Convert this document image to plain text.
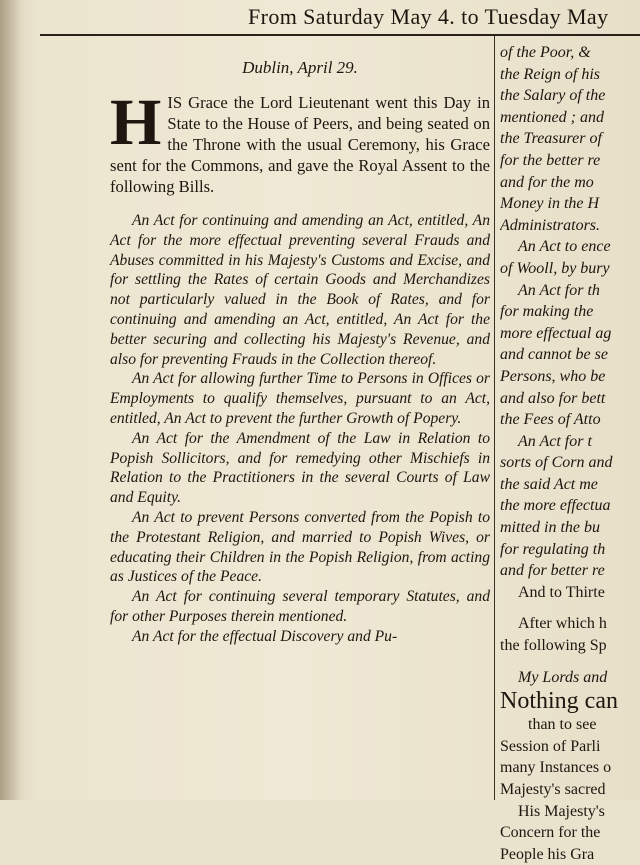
From Saturday May 4. to Tuesday May
Dublin, April 29.

HIS Grace the Lord Lieutenant went this Day in State to the House of Peers, and being seated on the Throne with the usual Ceremony, his Grace sent for the Commons, and gave the Royal Assent to the following Bills.

An Act for continuing and amending an Act, entitled, An Act for the more effectual preventing several Frauds and Abuses committed in his Majesty's Customs and Excise, and for settling the Rates of certain Goods and Merchandizes not particularly valued in the Book of Rates, and for continuing and amending an Act, entitled, An Act for the better securing and collecting his Majesty's Revenue, and also for preventing Frauds in the Collection thereof.

An Act for allowing further Time to Persons in Offices or Employments to qualify themselves, pursuant to an Act, entitled, An Act to prevent the further Growth of Popery.

An Act for the Amendment of the Law in Relation to Popish Sollicitors, and for remedying other Mischiefs in Relation to the Practitioners in the several Courts of Law and Equity.

An Act to prevent Persons converted from the Popish to the Protestant Religion, and married to Popish Wives, or educating their Children in the Popish Religion, from acting as Justices of the Peace.

An Act for continuing several temporary Statutes, and for other Purposes therein mentioned.

An Act for the effectual Discovery and Pu-

of the Poor, &
the Reign of his
the Salary of the
mentioned ; and
the Treasurer of
for the better re
and for the mo
Money in the H
Administrators.
An Act to ence
of Wooll, by bury
An Act for th
for making the
more effectual ag
and cannot be se
Persons, who be
and also for bett
the Fees of Atto
An Act for t
sorts of Corn and
the said Act me
the more effectua
mitted in the bu
for regulating th
and for better re
And to Thirte
After which h
the following Sp
My Lords and
Nothing can
than to see
Session of Parli
many Instances o
Majesty's sacred
His Majesty's
Concern for the
People his Gra
